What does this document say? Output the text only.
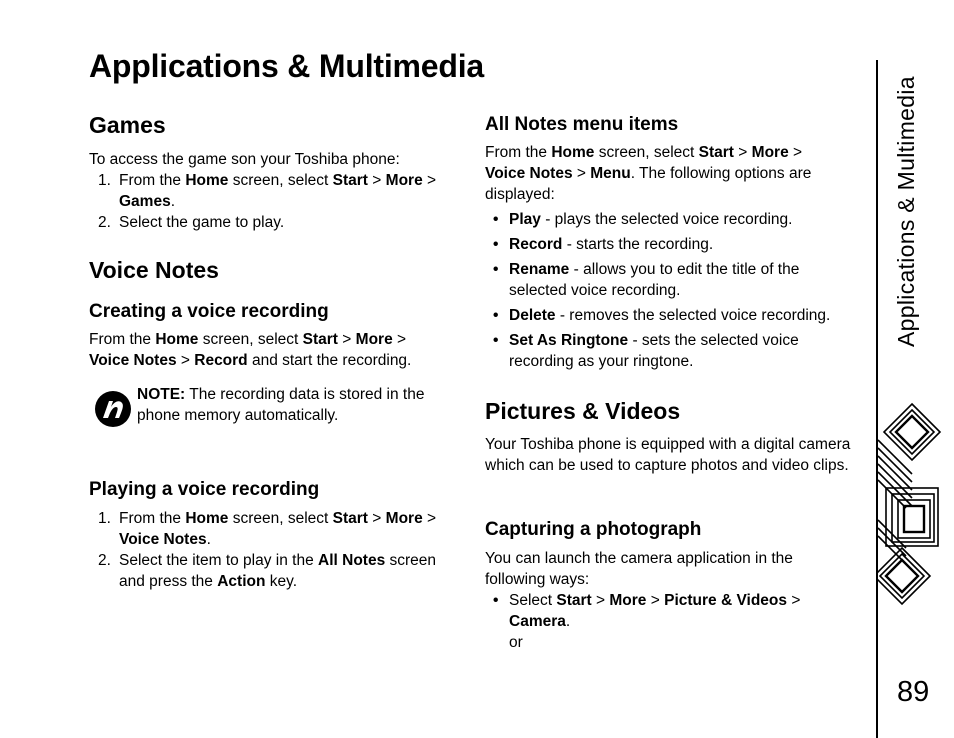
Applications & Multimedia
Games
To access the game son your Toshiba phone:
1. From the Home screen, select Start > More >
Games.
2. Select the game to play.
Voice Notes
Creating a voice recording
From the Home screen, select Start > More >
Voice Notes > Record and start the recording.
NOTE: The recording data is stored in the phone memory automatically.
Playing a voice recording
1. From the Home screen, select Start > More >
Voice Notes.
2. Select the item to play in the All Notes screen
and press the Action key.
All Notes menu items
From the Home screen, select Start > More >
Voice Notes > Menu. The following options are displayed:
• Play - plays the selected voice recording.
• Record - starts the recording.
• Rename - allows you to edit the title of the selected voice recording.
• Delete - removes the selected voice recording.
• Set As Ringtone - sets the selected voice recording as your ringtone.
Pictures & Videos
Your Toshiba phone is equipped with a digital camera which can be used to capture photos and video clips.
Capturing a photograph
You can launch the camera application in the following ways:
• Select Start > More > Picture & Videos >
Camera.
or
Applications & Multimedia
89
